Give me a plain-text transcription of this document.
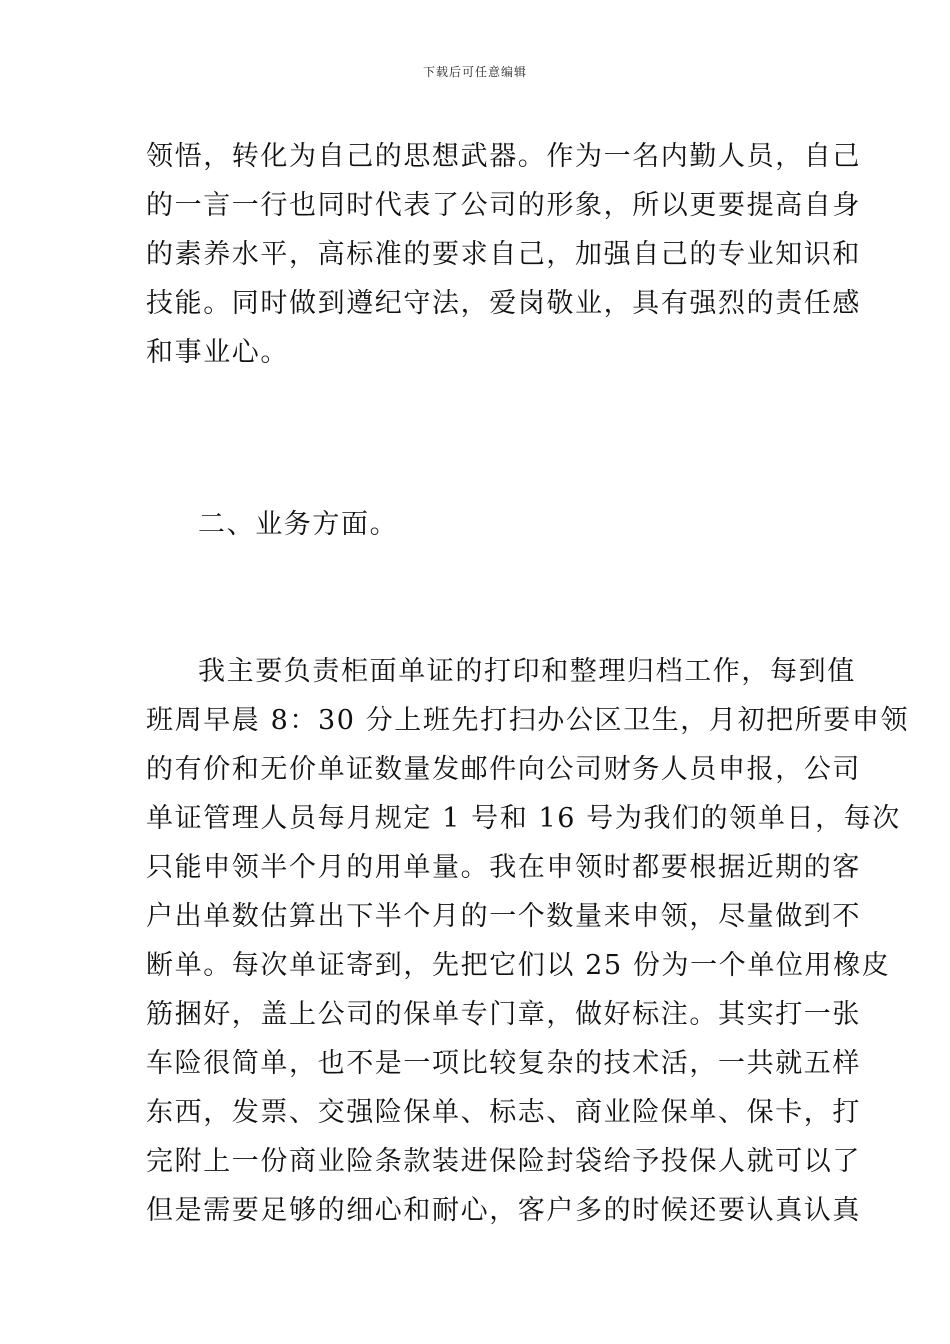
下载后可任意编辑
领悟，转化为自己的思想武器。作为一名内勤人员，自己
的一言一行也同时代表了公司的形象，所以更要提高自身
的素养水平，高标准的要求自己，加强自己的专业知识和
技能。同时做到遵纪守法，爱岗敬业，具有强烈的责任感
和事业心。
二、业务方面。
我主要负责柜面单证的打印和整理归档工作，每到值
班周早晨 8：30 分上班先打扫办公区卫生，月初把所要申领
的有价和无价单证数量发邮件向公司财务人员申报，公司
单证管理人员每月规定 1 号和 16 号为我们的领单日，每次
只能申领半个月的用单量。我在申领时都要根据近期的客
户出单数估算出下半个月的一个数量来申领，尽量做到不
断单。每次单证寄到，先把它们以 25 份为一个单位用橡皮
筋捆好，盖上公司的保单专门章，做好标注。其实打一张
车险很简单，也不是一项比较复杂的技术活，一共就五样
东西，发票、交强险保单、标志、商业险保单、保卡，打
完附上一份商业险条款装进保险封袋给予投保人就可以了
但是需要足够的细心和耐心，客户多的时候还要认真认真
